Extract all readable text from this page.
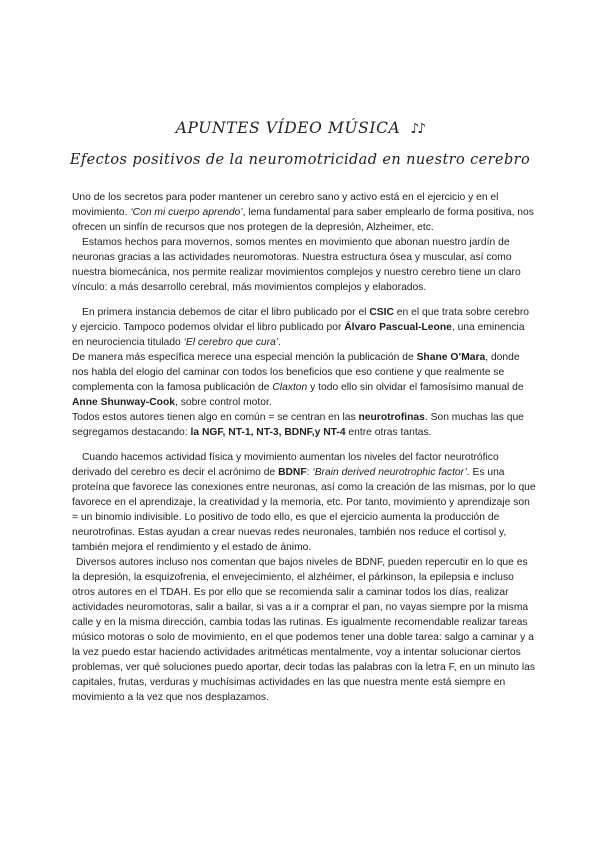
APUNTES VÍDEO MÚSICA ♪♪
Efectos positivos de la neuromotricidad en nuestro cerebro

Uno de los secretos para poder mantener un cerebro sano y activo está en el ejercicio y en el movimiento. ‘Con mi cuerpo aprendo’, lema fundamental para saber emplearlo de forma positiva, nos ofrecen un sinfín de recursos que nos protegen de la depresión, Alzheimer, etc.

Estamos hechos para movernos, somos mentes en movimiento que abonan nuestro jardín de neuronas gracias a las actividades neuromotoras. Nuestra estructura ósea y muscular, así como nuestra biomecánica, nos permite realizar movimientos complejos y nuestro cerebro tiene un claro vínculo: a más desarrollo cerebral, más movimientos complejos y elaborados.

En primera instancia debemos de citar el libro publicado por el CSIC en el que trata sobre cerebro y ejercicio. Tampoco podemos olvidar el libro publicado por Álvaro Pascual-Leone, una eminencia en neurociencia titulado ‘El cerebro que cura’.

De manera más específica merece una especial mención la publicación de Shane O’Mara, donde nos habla del elogio del caminar con todos los beneficios que eso contiene y que realmente se complementa con la famosa publicación de Claxton y todo ello sin olvidar el famosísimo manual de Anne Shunway-Cook, sobre control motor.

Todos estos autores tienen algo en común = se centran en las neurotrofinas. Son muchas las que segregamos destacando: la NGF, NT-1, NT-3, BDNF,y NT-4 entre otras tantas.

Cuando hacemos actividad física y movimiento aumentan los niveles del factor neurotrófico derivado del cerebro es decir el acrónimo de BDNF: ‘Brain derived neurotrophic factor’. Es una proteína que favorece las conexiones entre neuronas, así como la creación de las mismas, por lo que favorece en el aprendizaje, la creatividad y la memoria, etc. Por tanto, movimiento y aprendizaje son = un binomio indivisible. Lo positivo de todo ello, es que el ejercicio aumenta la producción de neurotrofinas. Estas ayudan a crear nuevas redes neuronales, también nos reduce el cortisol y, también mejora el rendimiento y el estado de ánimo.

Diversos autores incluso nos comentan que bajos niveles de BDNF, pueden repercutir en lo que es la depresión, la esquizofrenia, el envejecimiento, el alzhéimer, el párkinson, la epilepsia e incluso otros autores en el TDAH. Es por ello que se recomienda salir a caminar todos los días, realizar actividades neuromotoras, salir a bailar, si vas a ir a comprar el pan, no vayas siempre por la misma calle y en la misma dirección, cambia todas las rutinas. Es igualmente recomendable realizar tareas músico motoras o solo de movimiento, en el que podemos tener una doble tarea: salgo a caminar y a la vez puedo estar haciendo actividades aritméticas mentalmente, voy a intentar solucionar ciertos problemas, ver qué soluciones puedo aportar, decir todas las palabras con la letra F, en un minuto las capitales, frutas, verduras y muchísimas actividades en las que nuestra mente está siempre en movimiento a la vez que nos desplazamos.
